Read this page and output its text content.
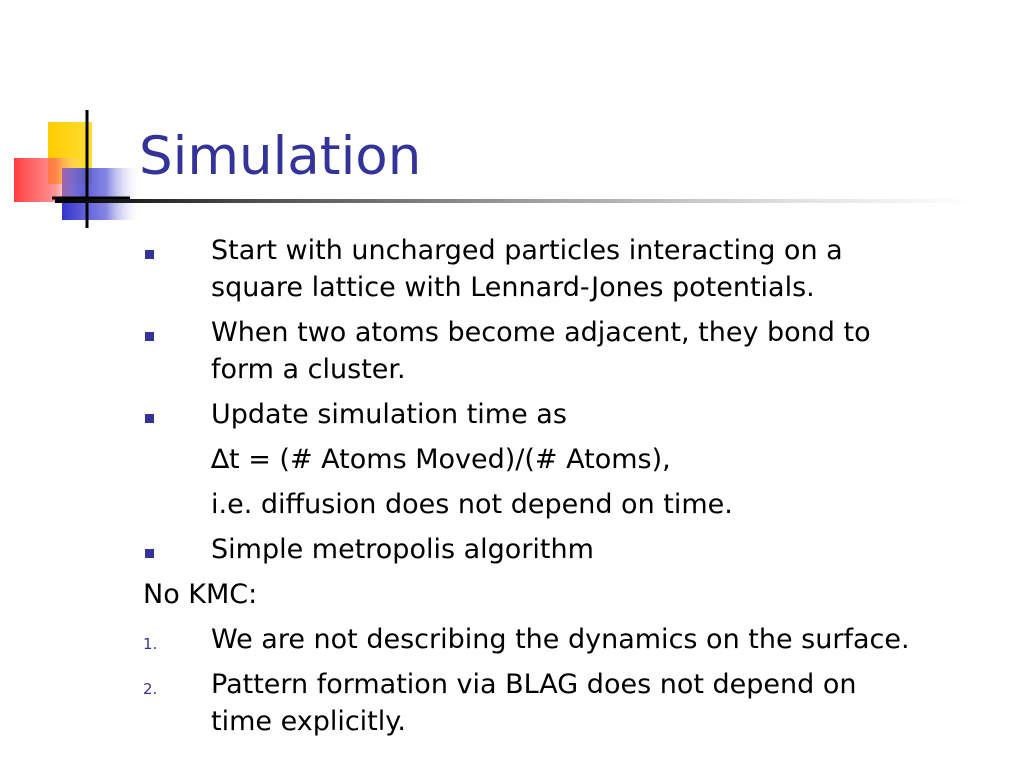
Simulation
Start with uncharged particles interacting on a
square lattice with Lennard-Jones potentials.
When two atoms become adjacent, they bond to
form a cluster.
Update simulation time as
∆t = (# Atoms Moved)/(# Atoms),
i.e. diffusion does not depend on time.
Simple metropolis algorithm
No KMC:
1. We are not describing the dynamics on the surface.
2. Pattern formation via BLAG does not depend on
time explicitly.
